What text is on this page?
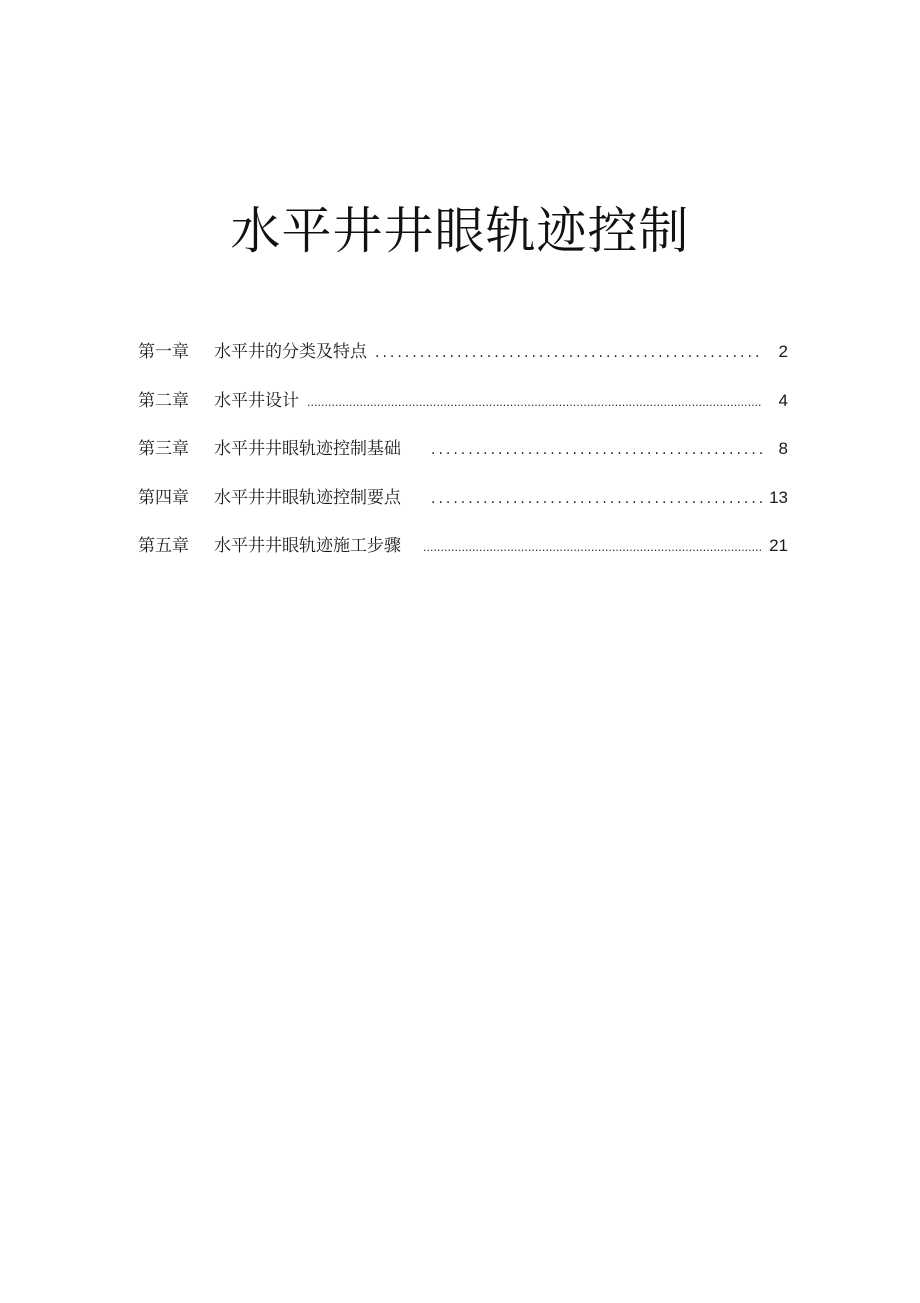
水平井井眼轨迹控制
第一章	水平井的分类及特点 .....	2
第二章	水平井设计 .....	4
第三章	水平井井眼轨迹控制基础 .....	8
第四章	水平井井眼轨迹控制要点 .....	13
第五章	水平井井眼轨迹施工步骤 .....	21
